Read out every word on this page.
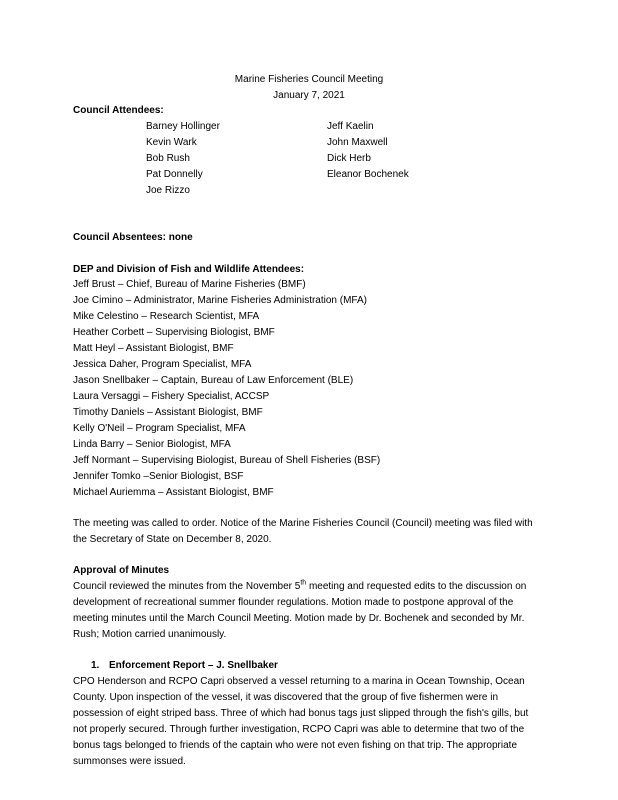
Marine Fisheries Council Meeting
January 7, 2021
Council Attendees:
Barney Hollinger
Kevin Wark
Bob Rush
Pat Donnelly
Joe Rizzo
Jeff Kaelin
John Maxwell
Dick Herb
Eleanor Bochenek
Council Absentees: none
DEP and Division of Fish and Wildlife Attendees:
Jeff Brust – Chief, Bureau of Marine Fisheries (BMF)
Joe Cimino – Administrator, Marine Fisheries Administration (MFA)
Mike Celestino – Research Scientist, MFA
Heather Corbett – Supervising Biologist, BMF
Matt Heyl – Assistant Biologist, BMF
Jessica Daher, Program Specialist, MFA
Jason Snellbaker – Captain, Bureau of Law Enforcement (BLE)
Laura Versaggi – Fishery Specialist, ACCSP
Timothy Daniels – Assistant Biologist, BMF
Kelly O'Neil – Program Specialist, MFA
Linda Barry – Senior Biologist, MFA
Jeff Normant – Supervising Biologist, Bureau of Shell Fisheries (BSF)
Jennifer Tomko –Senior Biologist, BSF
Michael Auriemma – Assistant Biologist, BMF
The meeting was called to order. Notice of the Marine Fisheries Council (Council) meeting was filed with
the Secretary of State on December 8, 2020.
Approval of Minutes
Council reviewed the minutes from the November 5th meeting and requested edits to the discussion on
development of recreational summer flounder regulations. Motion made to postpone approval of the
meeting minutes until the March Council Meeting. Motion made by Dr. Bochenek and seconded by Mr.
Rush; Motion carried unanimously.
1. Enforcement Report – J. Snellbaker
CPO Henderson and RCPO Capri observed a vessel returning to a marina in Ocean Township, Ocean
County. Upon inspection of the vessel, it was discovered that the group of five fishermen were in
possession of eight striped bass. Three of which had bonus tags just slipped through the fish's gills, but
not properly secured. Through further investigation, RCPO Capri was able to determine that two of the
bonus tags belonged to friends of the captain who were not even fishing on that trip. The appropriate
summonses were issued.
